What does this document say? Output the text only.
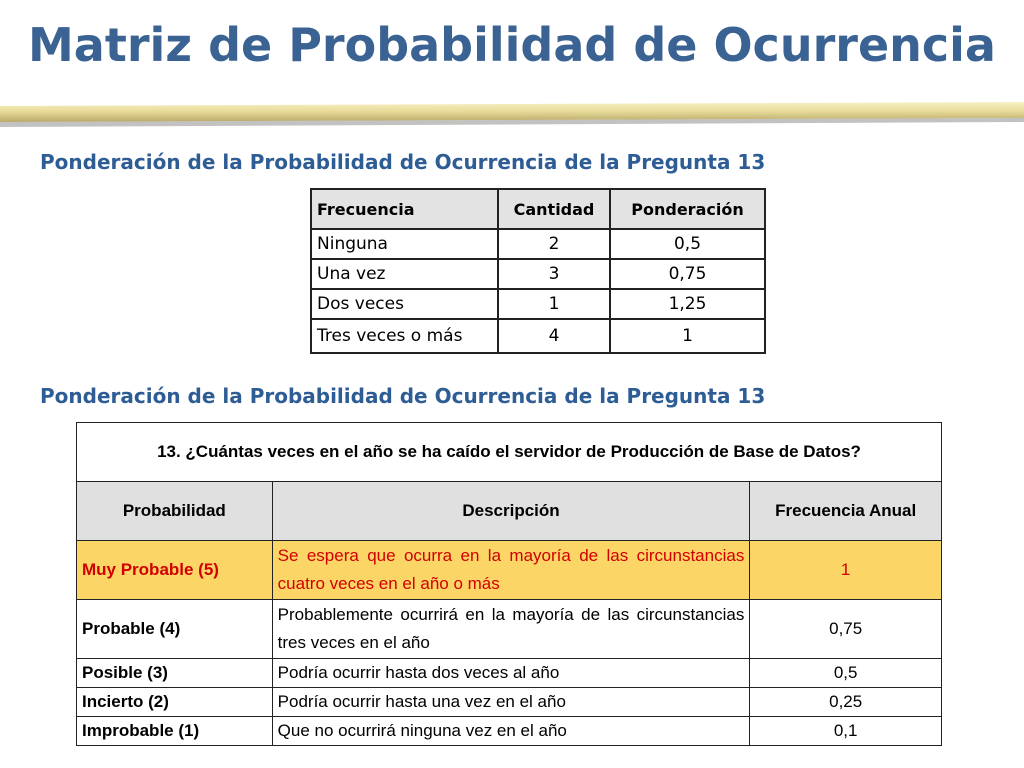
Matriz de Probabilidad de Ocurrencia
Ponderación de la Probabilidad de Ocurrencia de la Pregunta 13
Frecuencia	Cantidad	Ponderación
Ninguna	2	0,5
Una vez	3	0,75
Dos veces	1	1,25
Tres veces o más	4	1
Ponderación de la Probabilidad de Ocurrencia de la Pregunta 13
13. ¿Cuántas veces en el año se ha caído el servidor de Producción de Base de Datos?		
Probabilidad	Descripción	Frecuencia Anual
Muy Probable (5)	Se espera que ocurra en la mayoría de las circunstancias cuatro veces en el año o más	1
Probable (4)	Probablemente ocurrirá en la mayoría de las circunstancias tres veces en el año	0,75
Posible (3)	Podría ocurrir hasta dos veces al año	0,5
Incierto (2)	Podría ocurrir hasta una vez en el año	0,25
Improbable (1)	Que no ocurrirá ninguna vez en el año	0,1
